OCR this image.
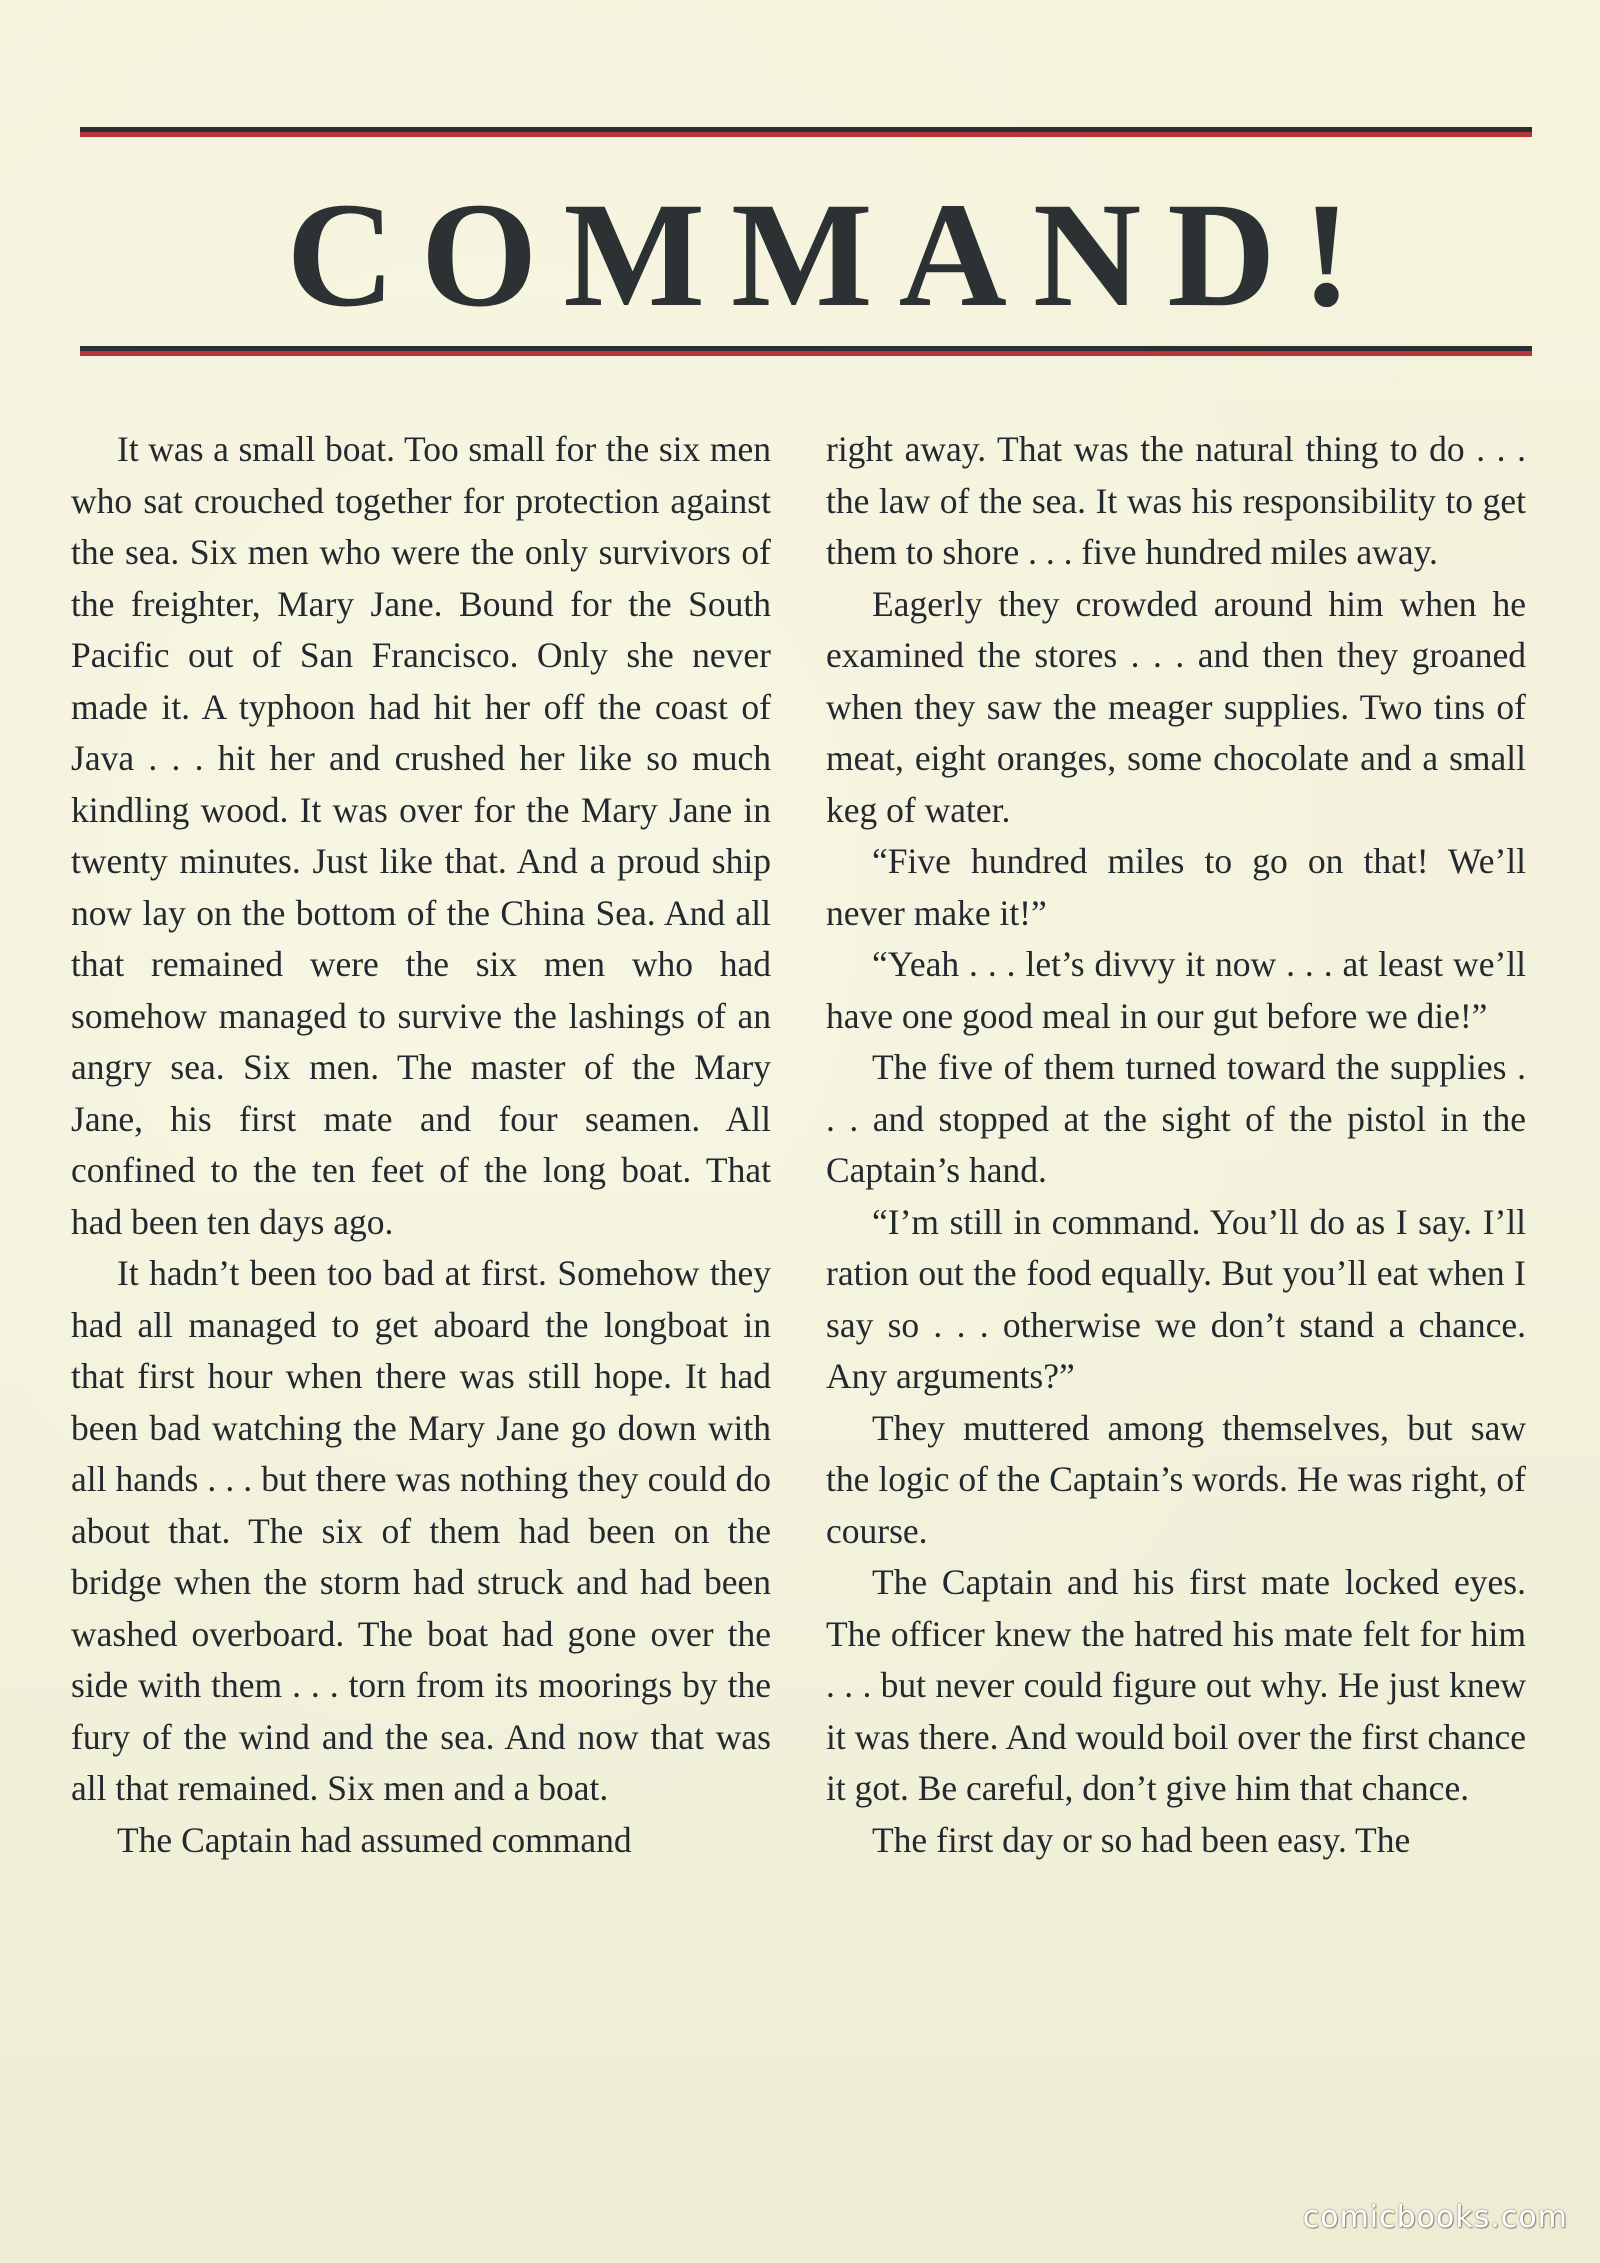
COMMAND!

It was a small boat. Too small for the six men who sat crouched together for protection against the sea. Six men who were the only survivors of the freighter, Mary Jane. Bound for the South Pacific out of San Francisco. Only she never made it. A typhoon had hit her off the coast of Java . . . hit her and crushed her like so much kindling wood. It was over for the Mary Jane in twenty minutes. Just like that. And a proud ship now lay on the bottom of the China Sea. And all that remained were the six men who had somehow managed to survive the lashings of an angry sea. Six men. The master of the Mary Jane, his first mate and four seamen. All confined to the ten feet of the long boat. That had been ten days ago.

It hadn’t been too bad at first. Somehow they had all managed to get aboard the longboat in that first hour when there was still hope. It had been bad watching the Mary Jane go down with all hands . . . but there was nothing they could do about that. The six of them had been on the bridge when the storm had struck and had been washed overboard. The boat had gone over the side with them . . . torn from its moorings by the fury of the wind and the sea. And now that was all that remained. Six men and a boat.

The Captain had assumed command

right away. That was the natural thing to do . . . the law of the sea. It was his responsibility to get them to shore . . . five hundred miles away.

Eagerly they crowded around him when he examined the stores . . . and then they groaned when they saw the meager supplies. Two tins of meat, eight oranges, some chocolate and a small keg of water.

“Five hundred miles to go on that! We’ll never make it!”

“Yeah . . . let’s divvy it now . . . at least we’ll have one good meal in our gut before we die!”

The five of them turned toward the supplies . . . and stopped at the sight of the pistol in the Captain’s hand.

“I’m still in command. You’ll do as I say. I’ll ration out the food equally. But you’ll eat when I say so . . . otherwise we don’t stand a chance. Any arguments?”

They muttered among themselves, but saw the logic of the Captain’s words. He was right, of course.

The Captain and his first mate locked eyes. The officer knew the hatred his mate felt for him . . . but never could figure out why. He just knew it was there. And would boil over the first chance it got. Be careful, don’t give him that chance.

The first day or so had been easy. The

comicbooks.com
